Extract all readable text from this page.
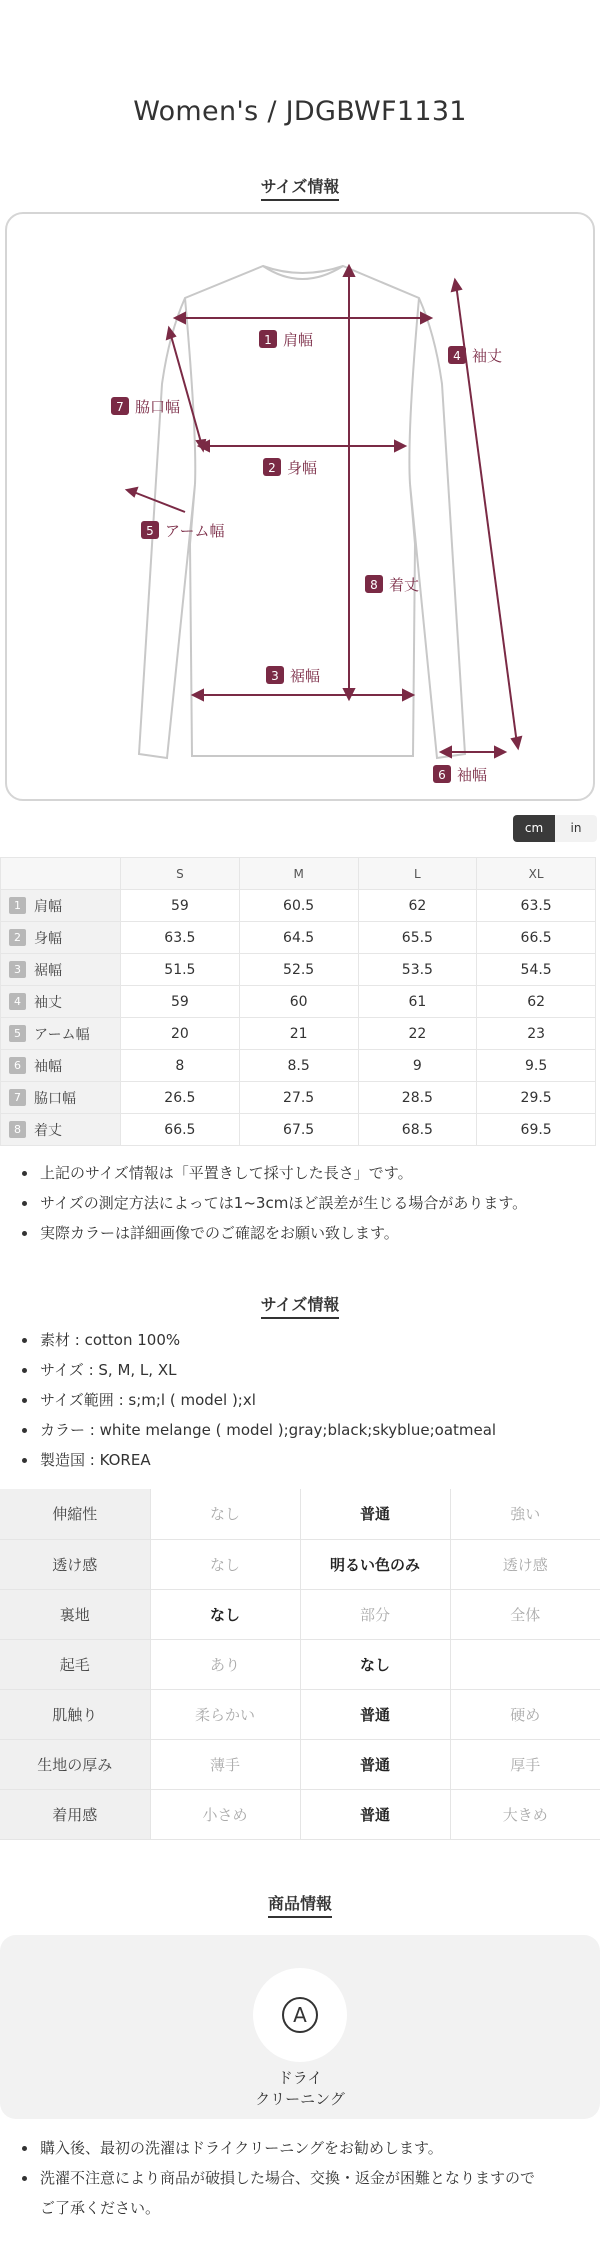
Women's / JDGBWF1131
サイズ情報
1 肩幅
2 身幅
3 裾幅
4 袖丈
5 アーム幅
6 袖幅
7 脇口幅
8 着丈
cm	in
	S	M	L	XL
1 肩幅	59	60.5	62	63.5
2 身幅	63.5	64.5	65.5	66.5
3 裾幅	51.5	52.5	53.5	54.5
4 袖丈	59	60	61	62
5 アーム幅	20	21	22	23
6 袖幅	8	8.5	9	9.5
7 脇口幅	26.5	27.5	28.5	29.5
8 着丈	66.5	67.5	68.5	69.5
上記のサイズ情報は「平置きして採寸した長さ」です。
サイズの測定方法によっては1~3cmほど誤差が生じる場合があります。
実際カラーは詳細画像でのご確認をお願い致します。
サイズ情報
素材 : cotton 100%
サイズ : S, M, L, XL
サイズ範囲 : s;m;l ( model );xl
カラー : white melange ( model );gray;black;skyblue;oatmeal
製造国 : KOREA
伸縮性	なし	普通	強い
透け感	なし	明るい色のみ	透け感
裏地	なし	部分	全体
起毛	あり	なし	
肌触り	柔らかい	普通	硬め
生地の厚み	薄手	普通	厚手
着用感	小さめ	普通	大きめ
商品情報
A
ドライ
クリーニング
購入後、最初の洗濯はドライクリーニングをお勧めします。
洗濯不注意により商品が破損した場合、交換・返金が困難となりますので
ご了承ください。
